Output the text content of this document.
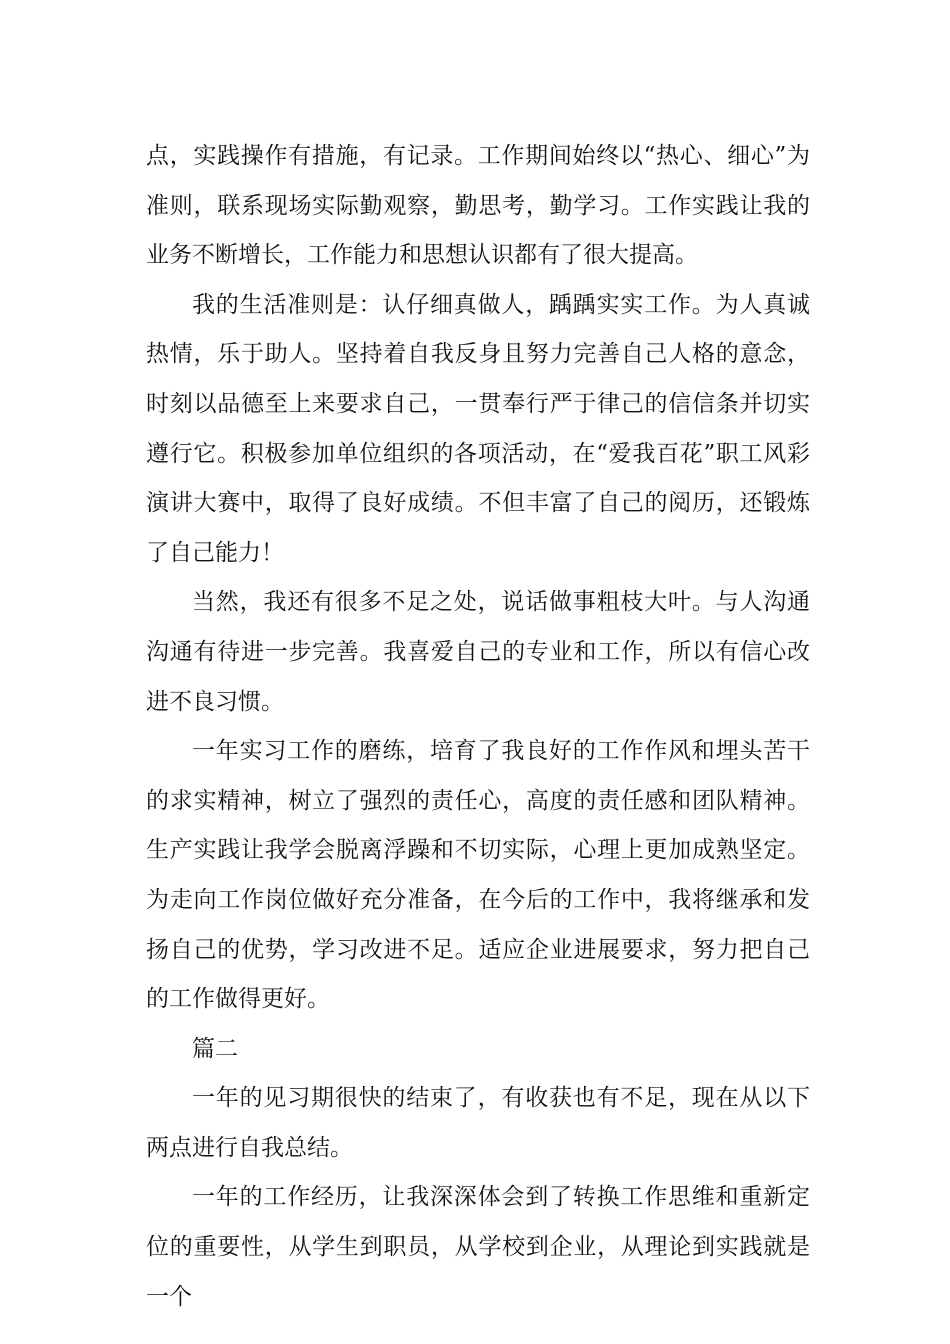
点，实践操作有措施，有记录。工作期间始终以“热心、细心”为准则，联系现场实际勤观察，勤思考，勤学习。工作实践让我的业务不断增长，工作能力和思想认识都有了很大提高。

我的生活准则是：认仔细真做人，踽踽实实工作。为人真诚热情，乐于助人。坚持着自我反身且努力完善自己人格的意念，时刻以品德至上来要求自己，一贯奉行严于律己的信信条并切实遵行它。积极参加单位组织的各项活动，在“爱我百花”职工风彩演讲大赛中，取得了良好成绩。不但丰富了自己的阅历，还锻炼了自己能力！

当然，我还有很多不足之处，说话做事粗枝大叶。与人沟通沟通有待进一步完善。我喜爱自己的专业和工作，所以有信心改进不良习惯。

一年实习工作的磨练，培育了我良好的工作作风和埋头苦干的求实精神，树立了强烈的责任心，高度的责任感和团队精神。生产实践让我学会脱离浮躁和不切实际，心理上更加成熟坚定。为走向工作岗位做好充分准备，在今后的工作中，我将继承和发扬自己的优势，学习改进不足。适应企业进展要求，努力把自己的工作做得更好。

篇二

一年的见习期很快的结束了，有收获也有不足，现在从以下两点进行自我总结。

一年的工作经历，让我深深体会到了转换工作思维和重新定位的重要性，从学生到职员，从学校到企业，从理论到实践就是一个
